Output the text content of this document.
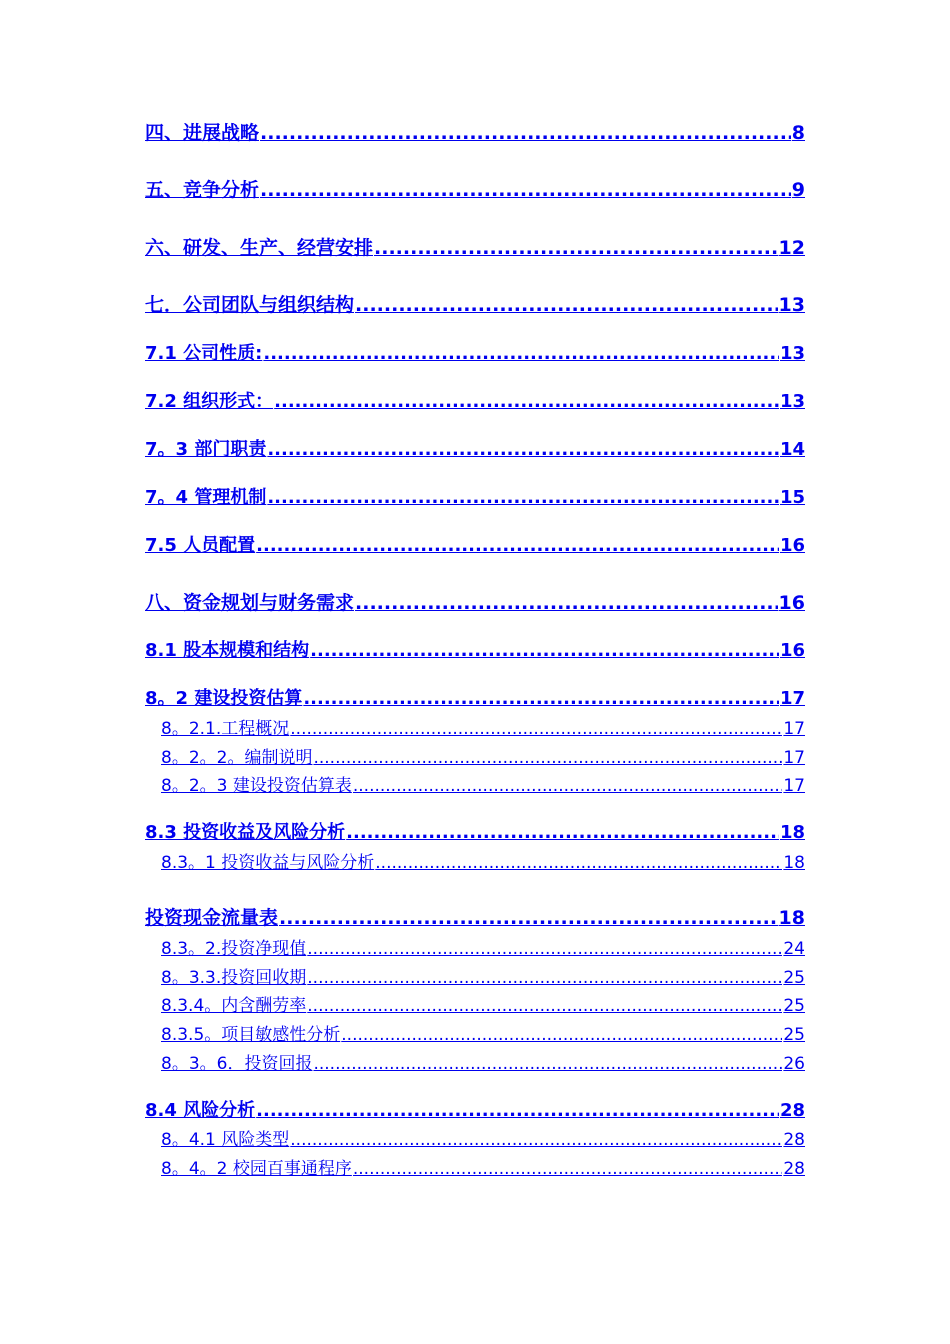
四、进展战略 .....	8
五、竞争分析 .....	9
六、研发、生产、经营安排 .....	12
七．公司团队与组织结构 .....	13
7.1 公司性质: .....	13
7.2 组织形式： .....	13
7。3 部门职责 .....	14
7。4 管理机制 .....	15
7.5 人员配置 .....	16
八、资金规划与财务需求 .....	16
8.1 股本规模和结构 .....	16
8。2 建设投资估算 .....	17
8。2.1.工程概况 .....	17
8。2。2。编制说明 .....	17
8。2。3 建设投资估算表 .....	17
8.3 投资收益及风险分析 .....	18
8.3。1 投资收益与风险分析 .....	18
投资现金流量表 .....	18
8.3。2.投资净现值 .....	24
8。3.3.投资回收期 .....	25
8.3.4。内含酬劳率 .....	25
8.3.5。项目敏感性分析 .....	25
8。3。6．投资回报 .....	26
8.4 风险分析 .....	28
8。4.1 风险类型 .....	28
8。4。2 校园百事通程序 .....	28
